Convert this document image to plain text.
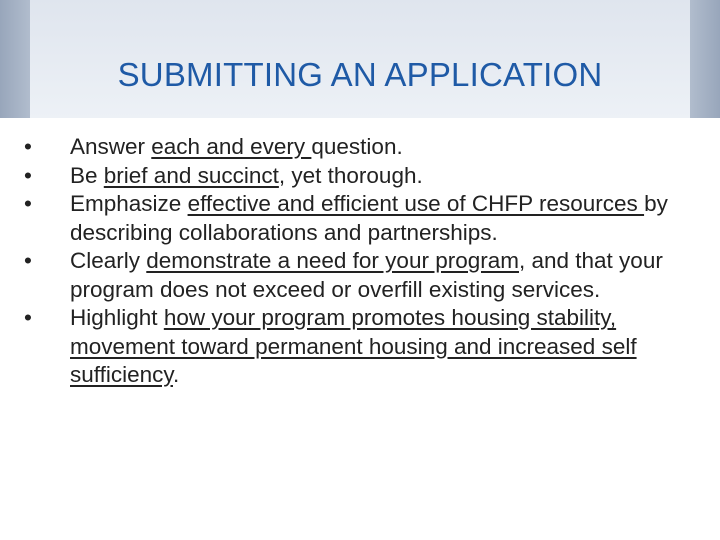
SUBMITTING AN APPLICATION
•	Answer each and every question.
•	Be brief and succinct, yet thorough.
•	Emphasize effective and efficient use of CHFP resources by describing collaborations and partnerships.
•	Clearly demonstrate a need for your program, and that your program does not exceed or overfill existing services.
•	Highlight how your program promotes housing stability, movement toward permanent housing and increased self sufficiency.
